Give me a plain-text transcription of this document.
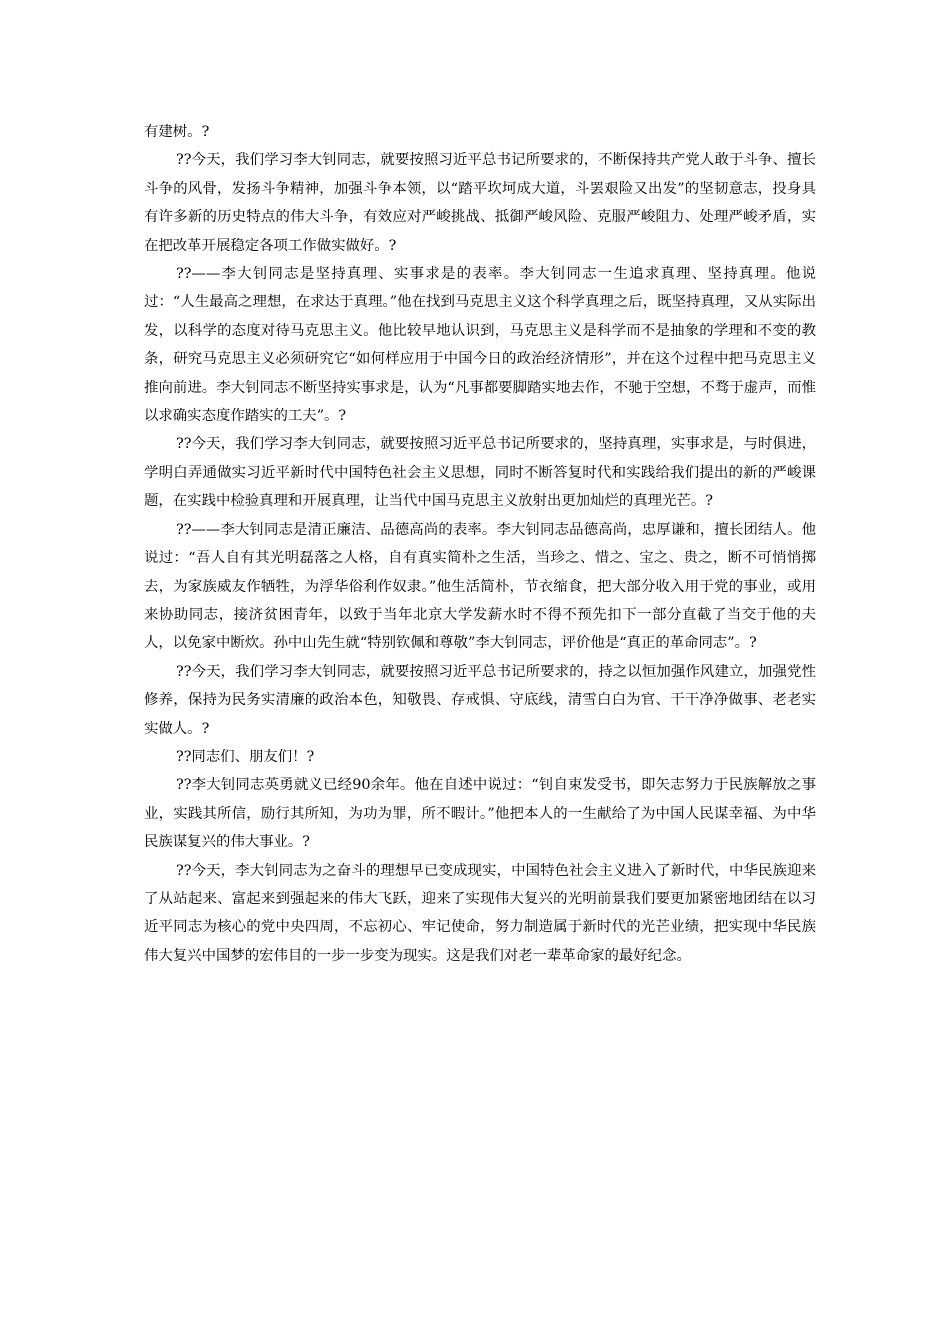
有建树。?

??今天，我们学习李大钊同志，就要按照习近平总书记所要求的，不断保持共产党人敢于斗争、擅长斗争的风骨，发扬斗争精神，加强斗争本领，以“踏平坎坷成大道，斗罢艰险又出发”的坚韧意志，投身具有许多新的历史特点的伟大斗争，有效应对严峻挑战、抵御严峻风险、克服严峻阻力、处理严峻矛盾，实在把改革开展稳定各项工作做实做好。?

??——李大钊同志是坚持真理、实事求是的表率。李大钊同志一生追求真理、坚持真理。他说过：“人生最高之理想，在求达于真理。”他在找到马克思主义这个科学真理之后，既坚持真理，又从实际出发，以科学的态度对待马克思主义。他比较早地认识到，马克思主义是科学而不是抽象的学理和不变的教条，研究马克思主义必须研究它“如何样应用于中国今日的政治经济情形”，并在这个过程中把马克思主义推向前进。李大钊同志不断坚持实事求是，认为“凡事都要脚踏实地去作，不驰于空想，不骛于虚声，而惟以求确实态度作踏实的工夫”。?

??今天，我们学习李大钊同志，就要按照习近平总书记所要求的，坚持真理，实事求是，与时俱进，学明白弄通做实习近平新时代中国特色社会主义思想，同时不断答复时代和实践给我们提出的新的严峻课题，在实践中检验真理和开展真理，让当代中国马克思主义放射出更加灿烂的真理光芒。?

??——李大钊同志是清正廉洁、品德高尚的表率。李大钊同志品德高尚，忠厚谦和，擅长团结人。他说过：“吾人自有其光明磊落之人格，自有真实简朴之生活，当珍之、惜之、宝之、贵之，断不可悄悄掷去，为家族威友作牺牲，为浮华俗利作奴隶。”他生活简朴，节衣缩食，把大部分收入用于党的事业，或用来协助同志，接济贫困青年，以致于当年北京大学发薪水时不得不预先扣下一部分直截了当交于他的夫人，以免家中断炊。孙中山先生就“特别钦佩和尊敬”李大钊同志，评价他是“真正的革命同志”。?

??今天，我们学习李大钊同志，就要按照习近平总书记所要求的，持之以恒加强作风建立，加强党性修养，保持为民务实清廉的政治本色，知敬畏、存戒惧、守底线，清雪白白为官、干干净净做事、老老实实做人。?

??同志们、朋友们！?

??李大钊同志英勇就义已经90余年。他在自述中说过：“钊自束发受书，即矢志努力于民族解放之事业，实践其所信，励行其所知，为功为罪，所不暇计。”他把本人的一生献给了为中国人民谋幸福、为中华民族谋复兴的伟大事业。?

??今天，李大钊同志为之奋斗的理想早已变成现实，中国特色社会主义进入了新时代，中华民族迎来了从站起来、富起来到强起来的伟大飞跃，迎来了实现伟大复兴的光明前景我们要更加紧密地团结在以习近平同志为核心的党中央四周，不忘初心、牢记使命，努力制造属于新时代的光芒业绩，把实现中华民族伟大复兴中国梦的宏伟目的一步一步变为现实。这是我们对老一辈革命家的最好纪念。
